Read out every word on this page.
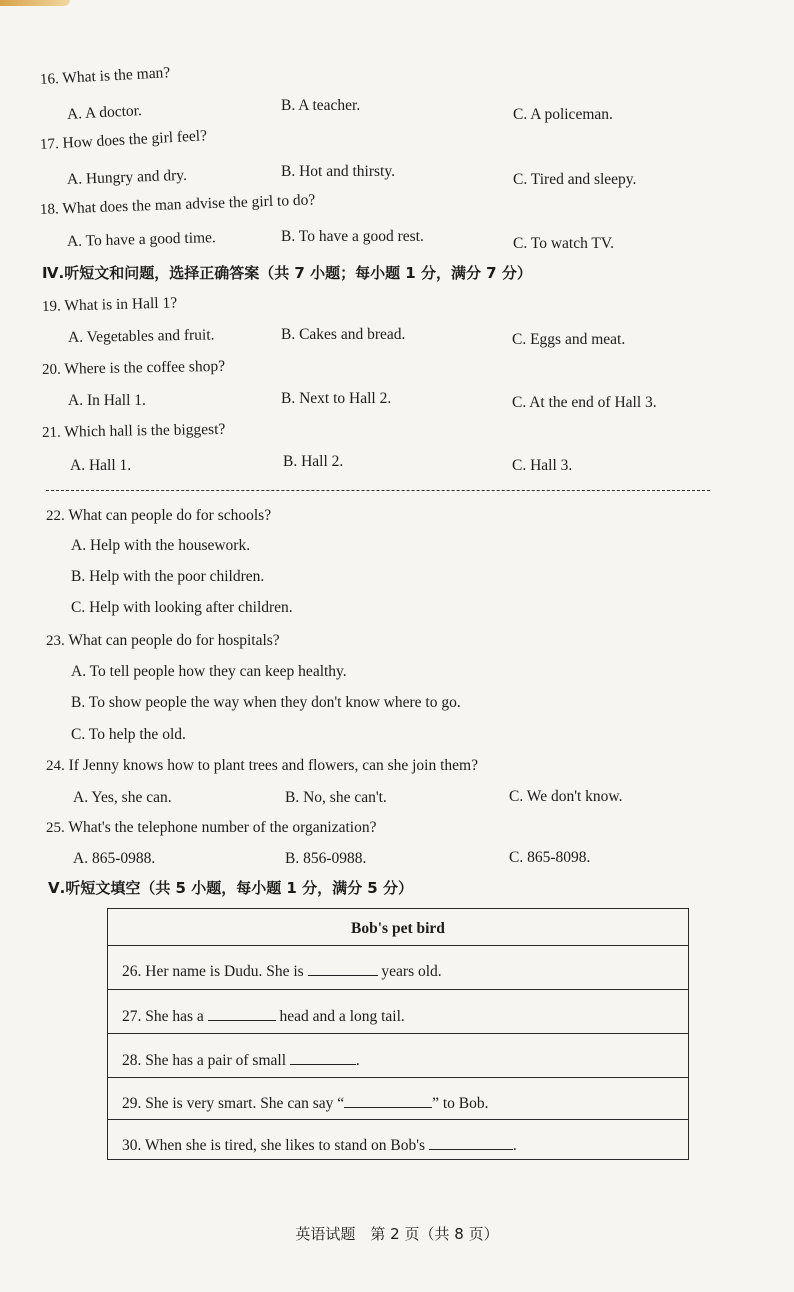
16. What is the man?
A. A doctor.	B. A teacher.
C. A policeman.
17. How does the girl feel?
A. Hungry and dry.	B. Hot and thirsty.	C. Tired and sleepy.
18. What does the man advise the girl to do?
A. To have a good time.	B. To have a good rest.	C. To watch TV.
Ⅳ.听短文和问题，选择正确答案（共 7 小题；每小题 1 分，满分 7 分）
19. What is in Hall 1?
A. Vegetables and fruit.	B. Cakes and bread.	C. Eggs and meat.
20. Where is the coffee shop?
A. In Hall 1.	B. Next to Hall 2.	C. At the end of Hall 3.
21. Which hall is the biggest?
A. Hall 1.	B. Hall 2.	C. Hall 3.
22. What can people do for schools?
A. Help with the housework.
B. Help with the poor children.
C. Help with looking after children.
23. What can people do for hospitals?
A. To tell people how they can keep healthy.
B. To show people the way when they don't know where to go.
C. To help the old.
24. If Jenny knows how to plant trees and flowers, can she join them?
A. Yes, she can.	B. No, she can't.	C. We don't know.
25. What's the telephone number of the organization?
A. 865-0988.	B. 856-0988.	C. 865-8098.
Ⅴ.听短文填空（共 5 小题，每小题 1 分，满分 5 分）
Bob's pet bird
26. Her name is Dudu. She is	years old.
27. She has a	head and a long tail.
28. She has a pair of small	.
29. She is very smart. She can say “	” to Bob.
30. When she is tired, she likes to stand on Bob's	.
英语试题　第 2 页（共 8 页）
